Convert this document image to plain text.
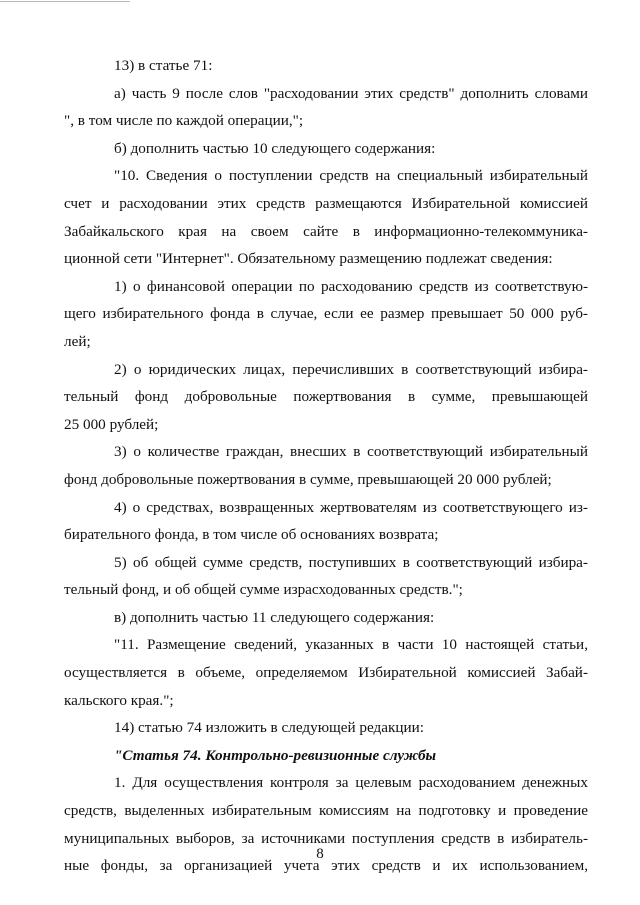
13) в статье 71:
а) часть 9 после слов "расходовании этих средств" дополнить словами
", в том числе по каждой операции,";
б) дополнить частью 10 следующего содержания:
"10. Сведения о поступлении средств на специальный избирательный
счет и расходовании этих средств размещаются Избирательной комиссией
Забайкальского края на своем сайте в информационно-телекоммуника-
ционной сети "Интернет". Обязательному размещению подлежат сведения:
1) о финансовой операции по расходованию средств из соответствую-
щего избирательного фонда в случае, если ее размер превышает 50 000 руб-
лей;
2) о юридических лицах, перечисливших в соответствующий избира-
тельный фонд добровольные пожертвования в сумме, превышающей
25 000 рублей;
3) о количестве граждан, внесших в соответствующий избирательный
фонд добровольные пожертвования в сумме, превышающей 20 000 рублей;
4) о средствах, возвращенных жертвователям из соответствующего из-
бирательного фонда, в том числе об основаниях возврата;
5) об общей сумме средств, поступивших в соответствующий избира-
тельный фонд, и об общей сумме израсходованных средств.";
в) дополнить частью 11 следующего содержания:
"11. Размещение сведений, указанных в части 10 настоящей статьи,
осуществляется в объеме, определяемом Избирательной комиссией Забай-
кальского края.";
14) статью 74 изложить в следующей редакции:
"Статья 74. Контрольно-ревизионные службы
1. Для осуществления контроля за целевым расходованием денежных
средств, выделенных избирательным комиссиям на подготовку и проведение
муниципальных выборов, за источниками поступления средств в избиратель-
ные фонды, за организацией учета этих средств и их использованием,
8
